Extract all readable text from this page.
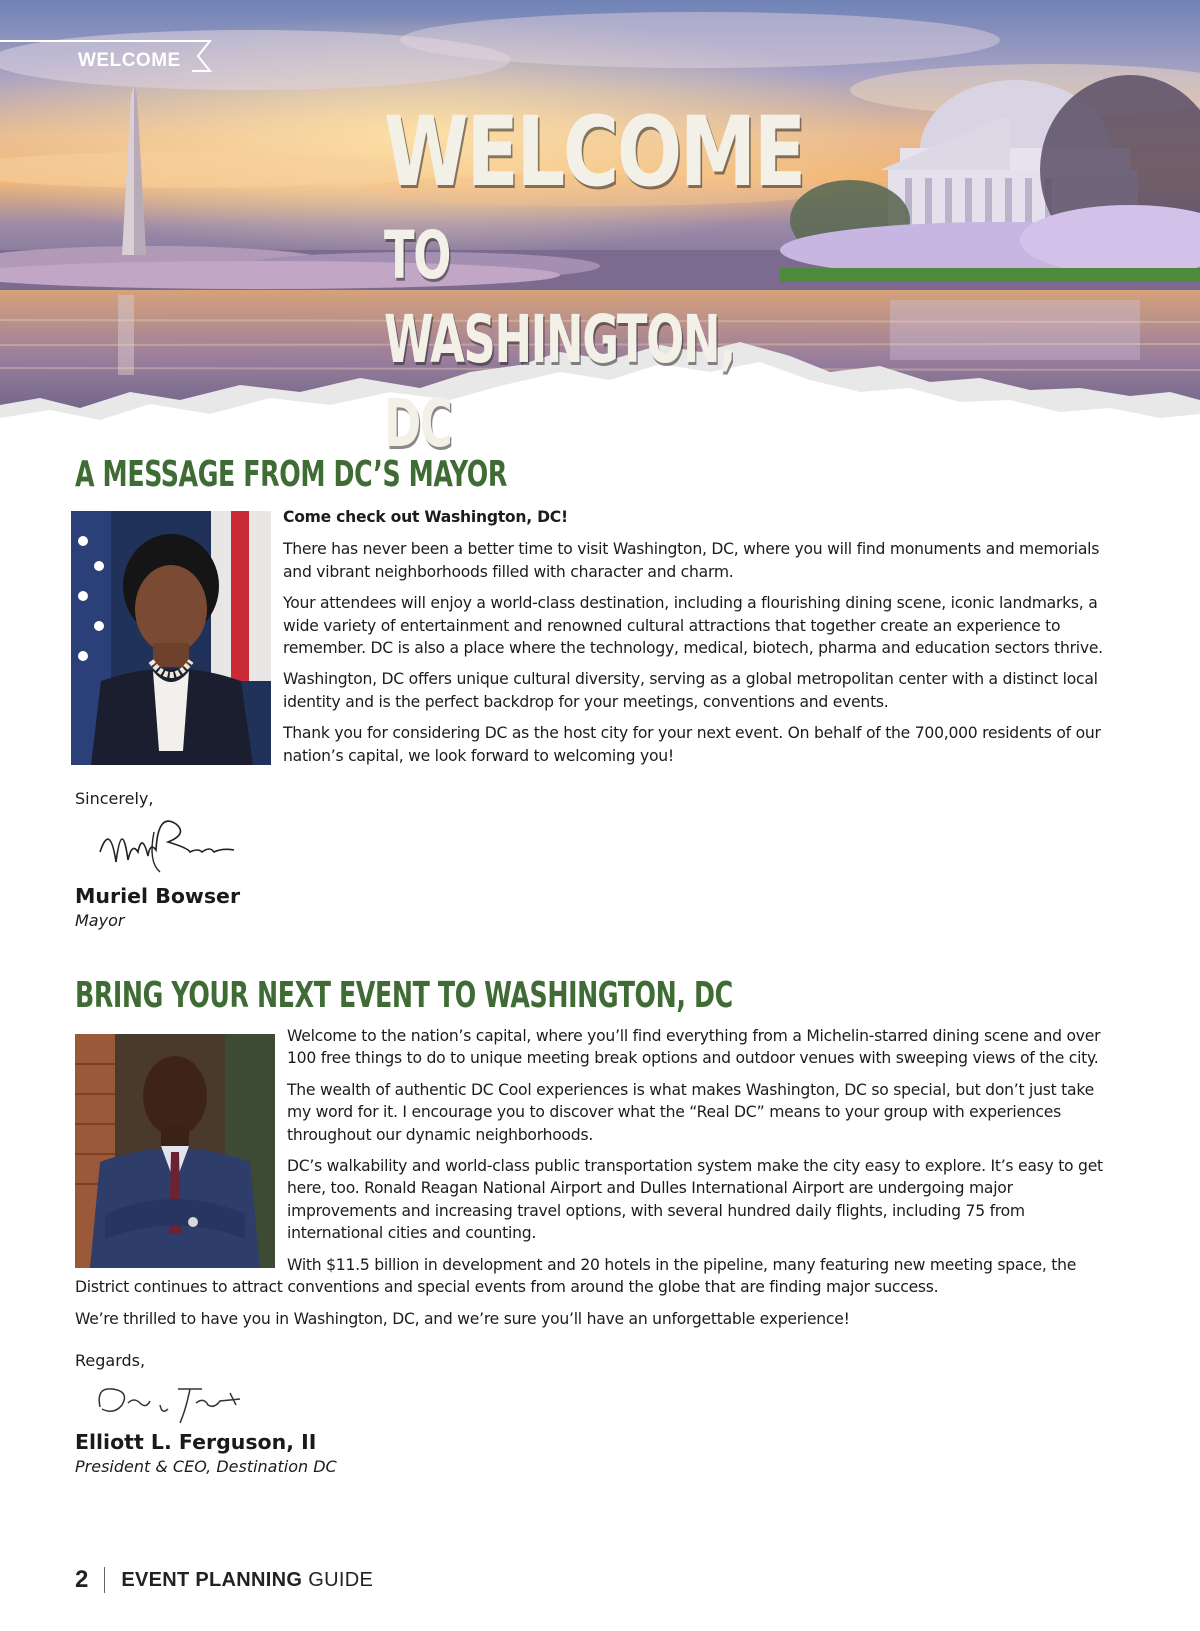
WELCOME
WELCOME
TO WASHINGTON, DC
A MESSAGE FROM DC’S MAYOR

Come check out Washington, DC!

There has never been a better time to visit Washington, DC, where you will find monuments and memorials and vibrant neighborhoods filled with character and charm.

Your attendees will enjoy a world-class destination, including a flourishing dining scene, iconic landmarks, a wide variety of entertainment and renowned cultural attractions that together create an experience to remember. DC is also a place where the technology, medical, biotech, pharma and education sectors thrive.

Washington, DC offers unique cultural diversity, serving as a global metropolitan center with a distinct local identity and is the perfect backdrop for your meetings, conventions and events.

Thank you for considering DC as the host city for your next event. On behalf of the 700,000 residents of our nation’s capital, we look forward to welcoming you!

Sincerely,
Muriel Bowser
Mayor
BRING YOUR NEXT EVENT TO WASHINGTON, DC

Welcome to the nation’s capital, where you’ll find everything from a Michelin-starred dining scene and over 100 free things to do to unique meeting break options and outdoor venues with sweeping views of the city.

The wealth of authentic DC Cool experiences is what makes Washington, DC so special, but don’t just take my word for it. I encourage you to discover what the “Real DC” means to your group with experiences throughout our dynamic neighborhoods.

DC’s walkability and world-class public transportation system make the city easy to explore. It’s easy to get here, too. Ronald Reagan National Airport and Dulles International Airport are undergoing major improvements and increasing travel options, with several hundred daily flights, including 75 from international cities and counting.

With $11.5 billion in development and 20 hotels in the pipeline, many featuring new meeting space, the District continues to attract conventions and special events from around the globe that are finding major success.

We’re thrilled to have you in Washington, DC, and we’re sure you’ll have an unforgettable experience!

Regards,
Elliott L. Ferguson, II
President & CEO, Destination DC
2 EVENT PLANNING GUIDE
